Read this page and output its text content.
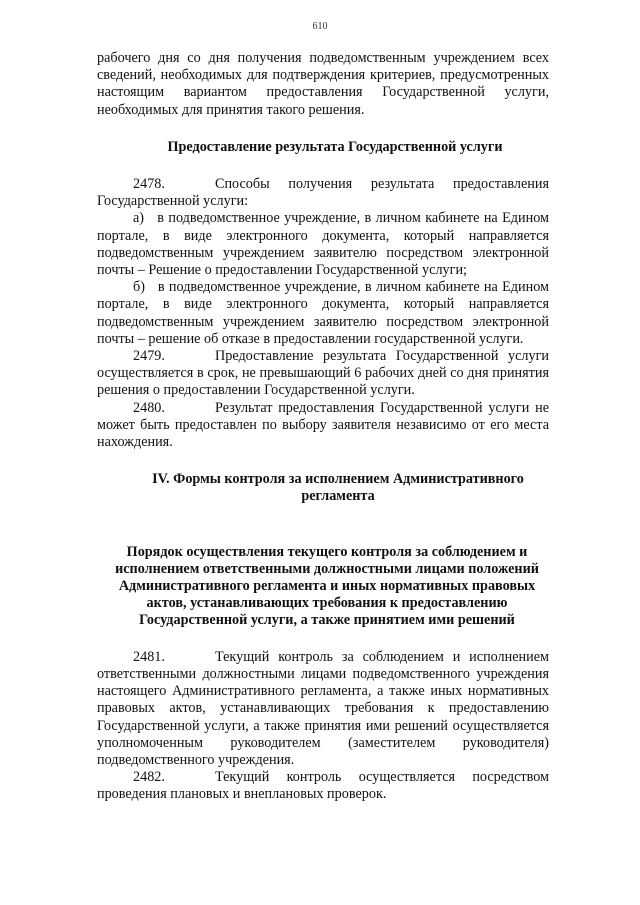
610

рабочего дня со дня получения подведомственным учреждением всех сведений, необходимых для подтверждения критериев, предусмотренных настоящим вариантом предоставления Государственной услуги, необходимых для принятия такого решения.

Предоставление результата Государственной услуги

2478.	Способы получения результата предоставления Государственной услуги:

а) в подведомственное учреждение, в личном кабинете на Едином портале, в виде электронного документа, который направляется подведомственным учреждением заявителю посредством электронной почты – Решение о предоставлении Государственной услуги;

б) в подведомственное учреждение, в личном кабинете на Едином портале, в виде электронного документа, который направляется подведомственным учреждением заявителю посредством электронной почты – решение об отказе в предоставлении государственной услуги.

2479.	Предоставление результата Государственной услуги осуществляется в срок, не превышающий 6 рабочих дней со дня принятия решения о предоставлении Государственной услуги.

2480.	Результат предоставления Государственной услуги не может быть предоставлен по выбору заявителя независимо от его места нахождения.

IV. Формы контроля за исполнением Административного регламента

Порядок осуществления текущего контроля за соблюдением и исполнением ответственными должностными лицами положений Административного регламента и иных нормативных правовых актов, устанавливающих требования к предоставлению Государственной услуги, а также принятием ими решений

2481.	Текущий контроль за соблюдением и исполнением ответственными должностными лицами подведомственного учреждения настоящего Административного регламента, а также иных нормативных правовых актов, устанавливающих требования к предоставлению Государственной услуги, а также принятия ими решений осуществляется уполномоченным руководителем (заместителем руководителя) подведомственного учреждения.

2482.	Текущий контроль осуществляется посредством проведения плановых и внеплановых проверок.
